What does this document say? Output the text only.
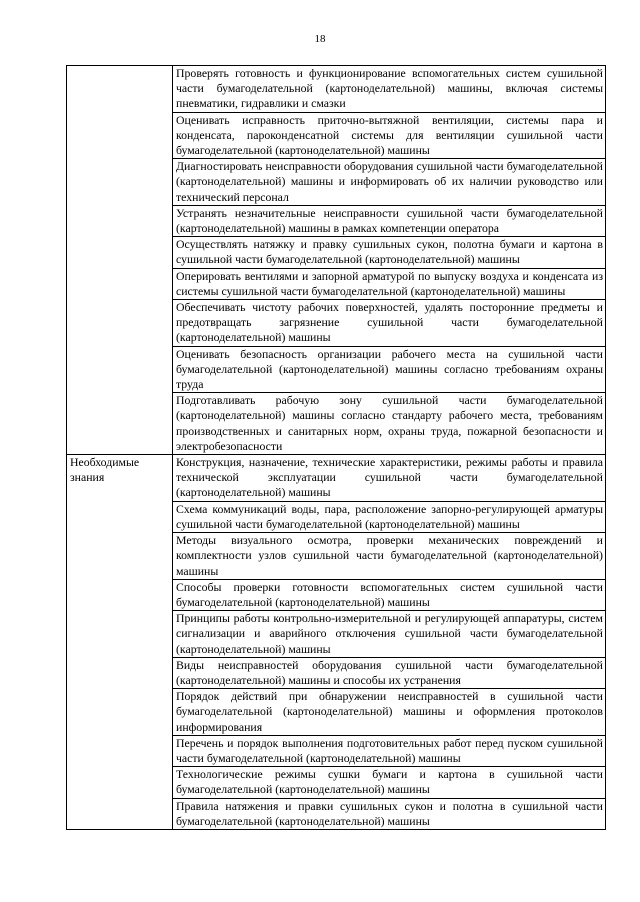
18
	Проверять готовность и функционирование вспомогательных систем сушильной части бумагоделательной (картоноделательной) машины, включая системы пневматики, гидравлики и смазки
	Оценивать исправность приточно-вытяжной вентиляции, системы пара и конденсата, пароконденсатной системы для вентиляции сушильной части бумагоделательной (картоноделательной) машины
	Диагностировать неисправности оборудования сушильной части бумагоделательной (картоноделательной) машины и информировать об их наличии руководство или технический персонал
	Устранять незначительные неисправности сушильной части бумагоделательной (картоноделательной) машины в рамках компетенции оператора
	Осуществлять натяжку и правку сушильных сукон, полотна бумаги и картона в сушильной части бумагоделательной (картоноделательной) машины
	Оперировать вентилями и запорной арматурой по выпуску воздуха и конденсата из системы сушильной части бумагоделательной (картоноделательной) машины
	Обеспечивать чистоту рабочих поверхностей, удалять посторонние предметы и предотвращать загрязнение сушильной части бумагоделательной (картоноделательной) машины
	Оценивать безопасность организации рабочего места на сушильной части бумагоделательной (картоноделательной) машины согласно требованиям охраны труда
	Подготавливать рабочую зону сушильной части бумагоделательной (картоноделательной) машины согласно стандарту рабочего места, требованиям производственных и санитарных норм, охраны труда, пожарной безопасности и электробезопасности
Необходимые знания	Конструкция, назначение, технические характеристики, режимы работы и правила технической эксплуатации сушильной части бумагоделательной (картоноделательной) машины
	Схема коммуникаций воды, пара, расположение запорно-регулирующей арматуры сушильной части бумагоделательной (картоноделательной) машины
	Методы визуального осмотра, проверки механических повреждений и комплектности узлов сушильной части бумагоделательной (картоноделательной) машины
	Способы проверки готовности вспомогательных систем сушильной части бумагоделательной (картоноделательной) машины
	Принципы работы контрольно-измерительной и регулирующей аппаратуры, систем сигнализации и аварийного отключения сушильной части бумагоделательной (картоноделательной) машины
	Виды неисправностей оборудования сушильной части бумагоделательной (картоноделательной) машины и способы их устранения
	Порядок действий при обнаружении неисправностей в сушильной части бумагоделательной (картоноделательной) машины и оформления протоколов информирования
	Перечень и порядок выполнения подготовительных работ перед пуском сушильной части бумагоделательной (картоноделательной) машины
	Технологические режимы сушки бумаги и картона в сушильной части бумагоделательной (картоноделательной) машины
	Правила натяжения и правки сушильных сукон и полотна в сушильной части бумагоделательной (картоноделательной) машины
